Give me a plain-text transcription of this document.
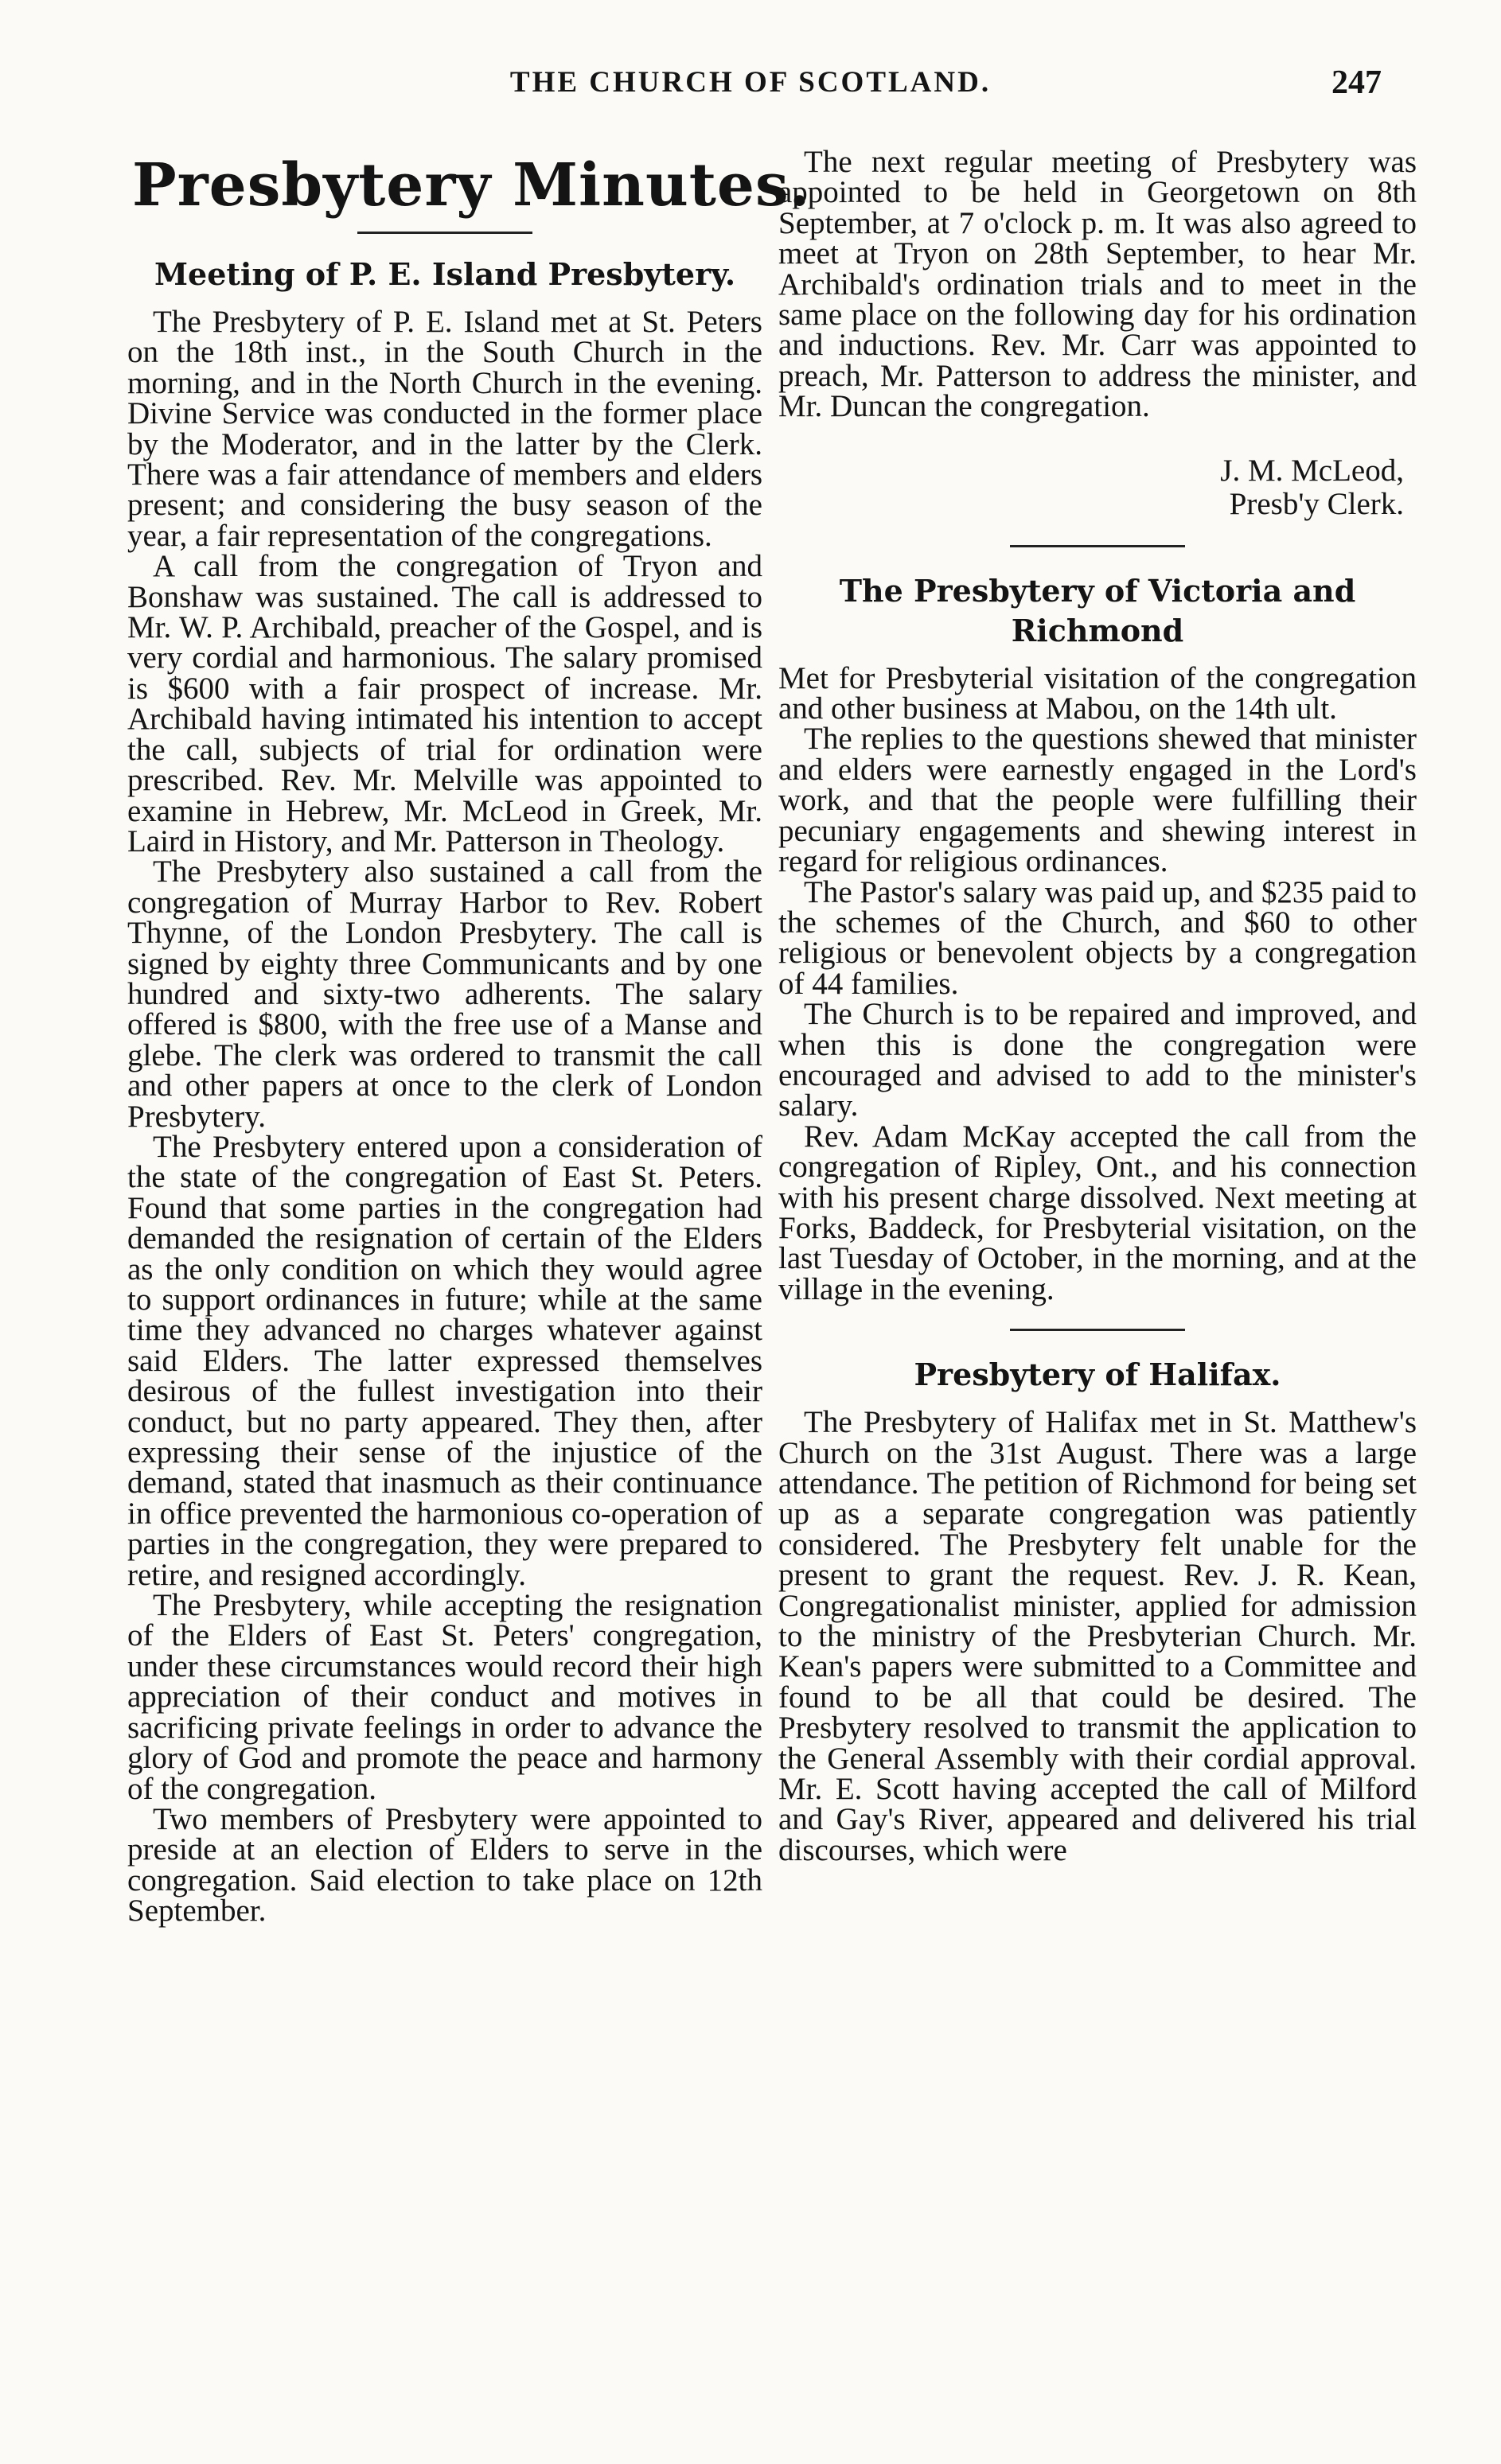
THE CHURCH OF SCOTLAND.	247
Presbytery Minutes.
Meeting of P. E. Island Presbytery.

The Presbytery of P. E. Island met at St. Peters on the 18th inst., in the South Church in the morning, and in the North Church in the evening. Divine Service was conducted in the former place by the Moderator, and in the latter by the Clerk. There was a fair attendance of members and elders present; and considering the busy season of the year, a fair representation of the congregations.

A call from the congregation of Tryon and Bonshaw was sustained. The call is addressed to Mr. W. P. Archibald, preacher of the Gospel, and is very cordial and harmonious. The salary promised is $600 with a fair prospect of increase. Mr. Archibald having intimated his intention to accept the call, subjects of trial for ordination were prescribed. Rev. Mr. Melville was appointed to examine in Hebrew, Mr. McLeod in Greek, Mr. Laird in History, and Mr. Patterson in Theology.

The Presbytery also sustained a call from the congregation of Murray Harbor to Rev. Robert Thynne, of the London Presbytery. The call is signed by eighty three Communicants and by one hundred and sixty-two adherents. The salary offered is $800, with the free use of a Manse and glebe. The clerk was ordered to transmit the call and other papers at once to the clerk of London Presbytery.

The Presbytery entered upon a consideration of the state of the congregation of East St. Peters. Found that some parties in the congregation had demanded the resignation of certain of the Elders as the only condition on which they would agree to support ordinances in future; while at the same time they advanced no charges whatever against said Elders. The latter expressed themselves desirous of the fullest investigation into their conduct, but no party appeared. They then, after expressing their sense of the injustice of the demand, stated that inasmuch as their continuance in office prevented the harmonious co-operation of parties in the congregation, they were prepared to retire, and resigned accordingly.

The Presbytery, while accepting the resignation of the Elders of East St. Peters' congregation, under these circumstances would record their high appreciation of their conduct and motives in sacrificing private feelings in order to advance the glory of God and promote the peace and harmony of the congregation.

Two members of Presbytery were appointed to preside at an election of Elders to serve in the congregation. Said election to take place on 12th September.

The next regular meeting of Presbytery was appointed to be held in Georgetown on 8th September, at 7 o'clock p. m. It was also agreed to meet at Tryon on 28th September, to hear Mr. Archibald's ordination trials and to meet in the same place on the following day for his ordination and inductions. Rev. Mr. Carr was appointed to preach, Mr. Patterson to address the minister, and Mr. Duncan the congregation.

J. M. McLeod,
Presb'y Clerk.
The Presbytery of Victoria and Richmond

Met for Presbyterial visitation of the congregation and other business at Mabou, on the 14th ult.

The replies to the questions shewed that minister and elders were earnestly engaged in the Lord's work, and that the people were fulfilling their pecuniary engagements and shewing interest in regard for religious ordinances.

The Pastor's salary was paid up, and $235 paid to the schemes of the Church, and $60 to other religious or benevolent objects by a congregation of 44 families.

The Church is to be repaired and improved, and when this is done the congregation were encouraged and advised to add to the minister's salary.

Rev. Adam McKay accepted the call from the congregation of Ripley, Ont., and his connection with his present charge dissolved. Next meeting at Forks, Baddeck, for Presbyterial visitation, on the last Tuesday of October, in the morning, and at the village in the evening.

Presbytery of Halifax.

The Presbytery of Halifax met in St. Matthew's Church on the 31st August. There was a large attendance. The petition of Richmond for being set up as a separate congregation was patiently considered. The Presbytery felt unable for the present to grant the request. Rev. J. R. Kean, Congregationalist minister, applied for admission to the ministry of the Presbyterian Church. Mr. Kean's papers were submitted to a Committee and found to be all that could be desired. The Presbytery resolved to transmit the application to the General Assembly with their cordial approval. Mr. E. Scott having accepted the call of Milford and Gay's River, appeared and delivered his trial discourses, which were
